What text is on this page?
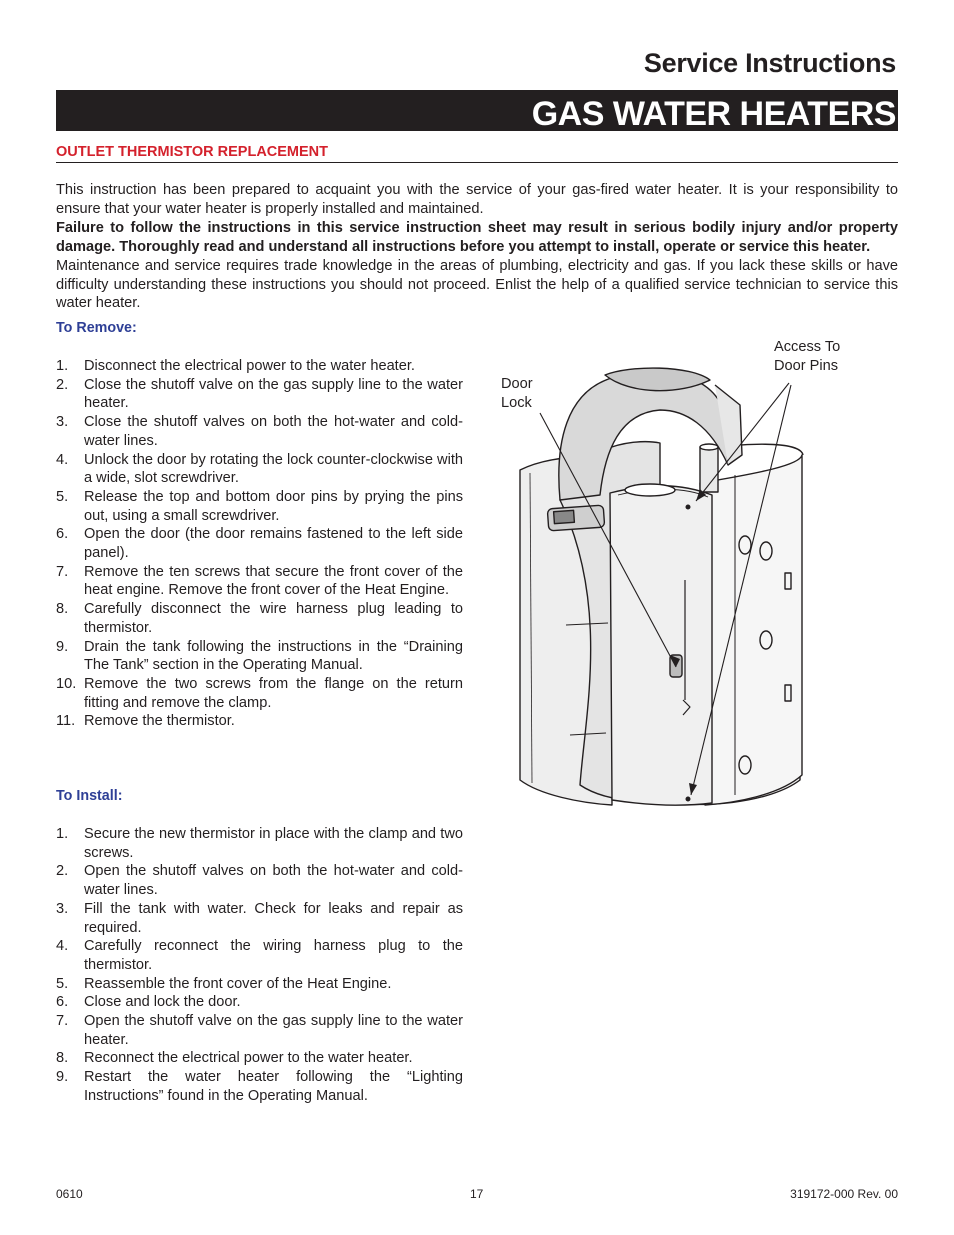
Service Instructions
GAS WATER HEATERS
OUTLET THERMISTOR REPLACEMENT

This instruction has been prepared to acquaint you with the service of your gas-fired water heater. It is your responsibility to ensure that your water heater is properly installed and maintained.

Failure to follow the instructions in this service instruction sheet may result in serious bodily injury and/or property damage. Thoroughly read and understand all instructions before you attempt to install, operate or service this heater.

Maintenance and service requires trade knowledge in the areas of plumbing, electricity and gas. If you lack these skills or have difficulty understanding these instructions you should not proceed. Enlist the help of a qualified service technician to service this water heater.

To Remove:
1. Disconnect the electrical power to the water heater.
2. Close the shutoff valve on the gas supply line to the water heater.
3. Close the shutoff valves on both the hot-water and cold-water lines.
4. Unlock the door by rotating the lock counter-clockwise with a wide, slot screwdriver.
5. Release the top and bottom door pins by prying the pins out, using a small screwdriver.
6. Open the door (the door remains fastened to the left side panel).
7. Remove the ten screws that secure the front cover of the heat engine. Remove the front cover of the Heat Engine.
8. Carefully disconnect the wire harness plug leading to thermistor.
9. Drain the tank following the instructions in the “Draining The Tank” section in the Operating Manual.
10. Remove the two screws from the flange on the return fitting and remove the clamp.
11. Remove the thermistor.
To Install:
1. Secure the new thermistor in place with the clamp and two screws.
2. Open the shutoff valves on both the hot-water and cold-water lines.
3. Fill the tank with water. Check for leaks and repair as required.
4. Carefully reconnect the wiring harness plug to the thermistor.
5. Reassemble the front cover of the Heat Engine.
6. Close and lock the door.
7. Open the shutoff valve on the gas supply line to the water heater.
8. Reconnect the electrical power to the water heater.
9. Restart the water heater following the “Lighting Instructions” found in the Operating Manual.
Door
Lock
Access To
Door Pins
0610	17	319172-000 Rev. 00
